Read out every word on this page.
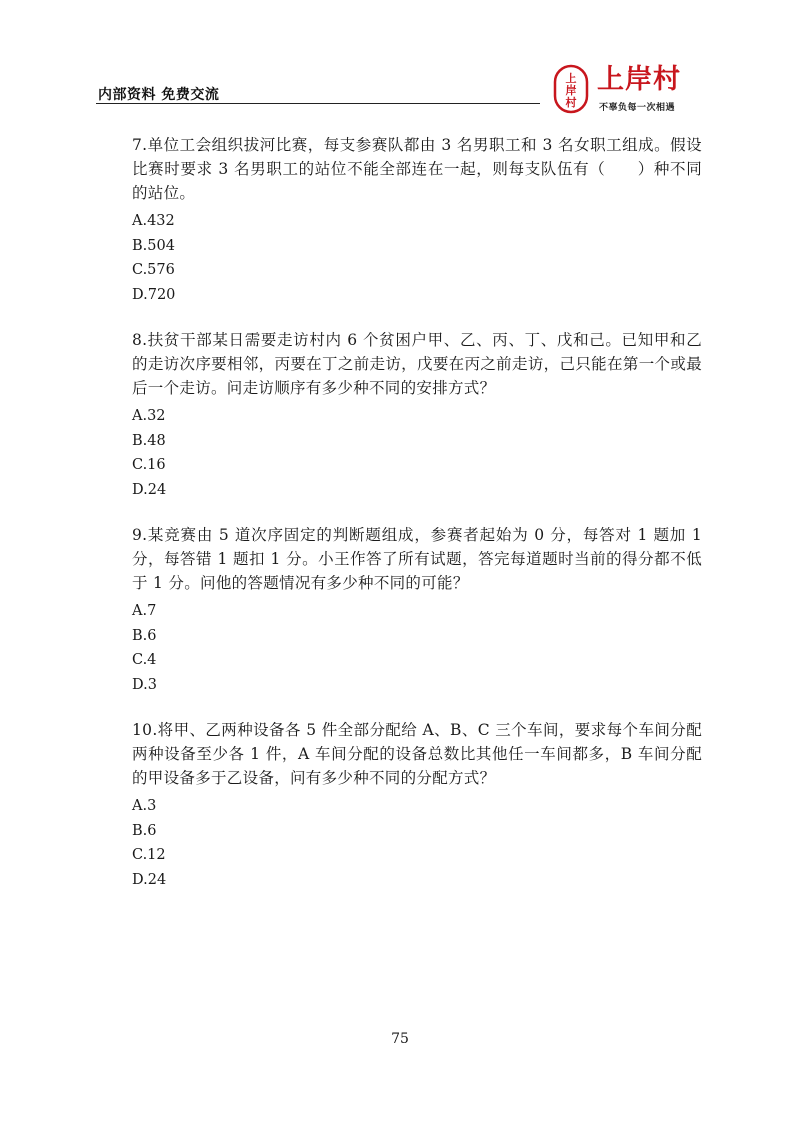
内部资料 免费交流
上
岸
村
上岸村
不辜负每一次相遇

7.单位工会组织拔河比赛，每支参赛队都由 3 名男职工和 3 名女职工组成。假设比赛时要求 3 名男职工的站位不能全部连在一起，则每支队伍有（　　）种不同的站位。

A.432
B.504
C.576
D.720

8.扶贫干部某日需要走访村内 6 个贫困户甲、乙、丙、丁、戊和己。已知甲和乙的走访次序要相邻，丙要在丁之前走访，戊要在丙之前走访，己只能在第一个或最后一个走访。问走访顺序有多少种不同的安排方式？

A.32
B.48
C.16
D.24

9.某竞赛由 5 道次序固定的判断题组成，参赛者起始为 0 分，每答对 1 题加 1 分，每答错 1 题扣 1 分。小王作答了所有试题，答完每道题时当前的得分都不低于 1 分。问他的答题情况有多少种不同的可能？

A.7
B.6
C.4
D.3

10.将甲、乙两种设备各 5 件全部分配给 A、B、C 三个车间，要求每个车间分配两种设备至少各 1 件，A 车间分配的设备总数比其他任一车间都多，B 车间分配的甲设备多于乙设备，问有多少种不同的分配方式？

A.3
B.6
C.12
D.24
75
